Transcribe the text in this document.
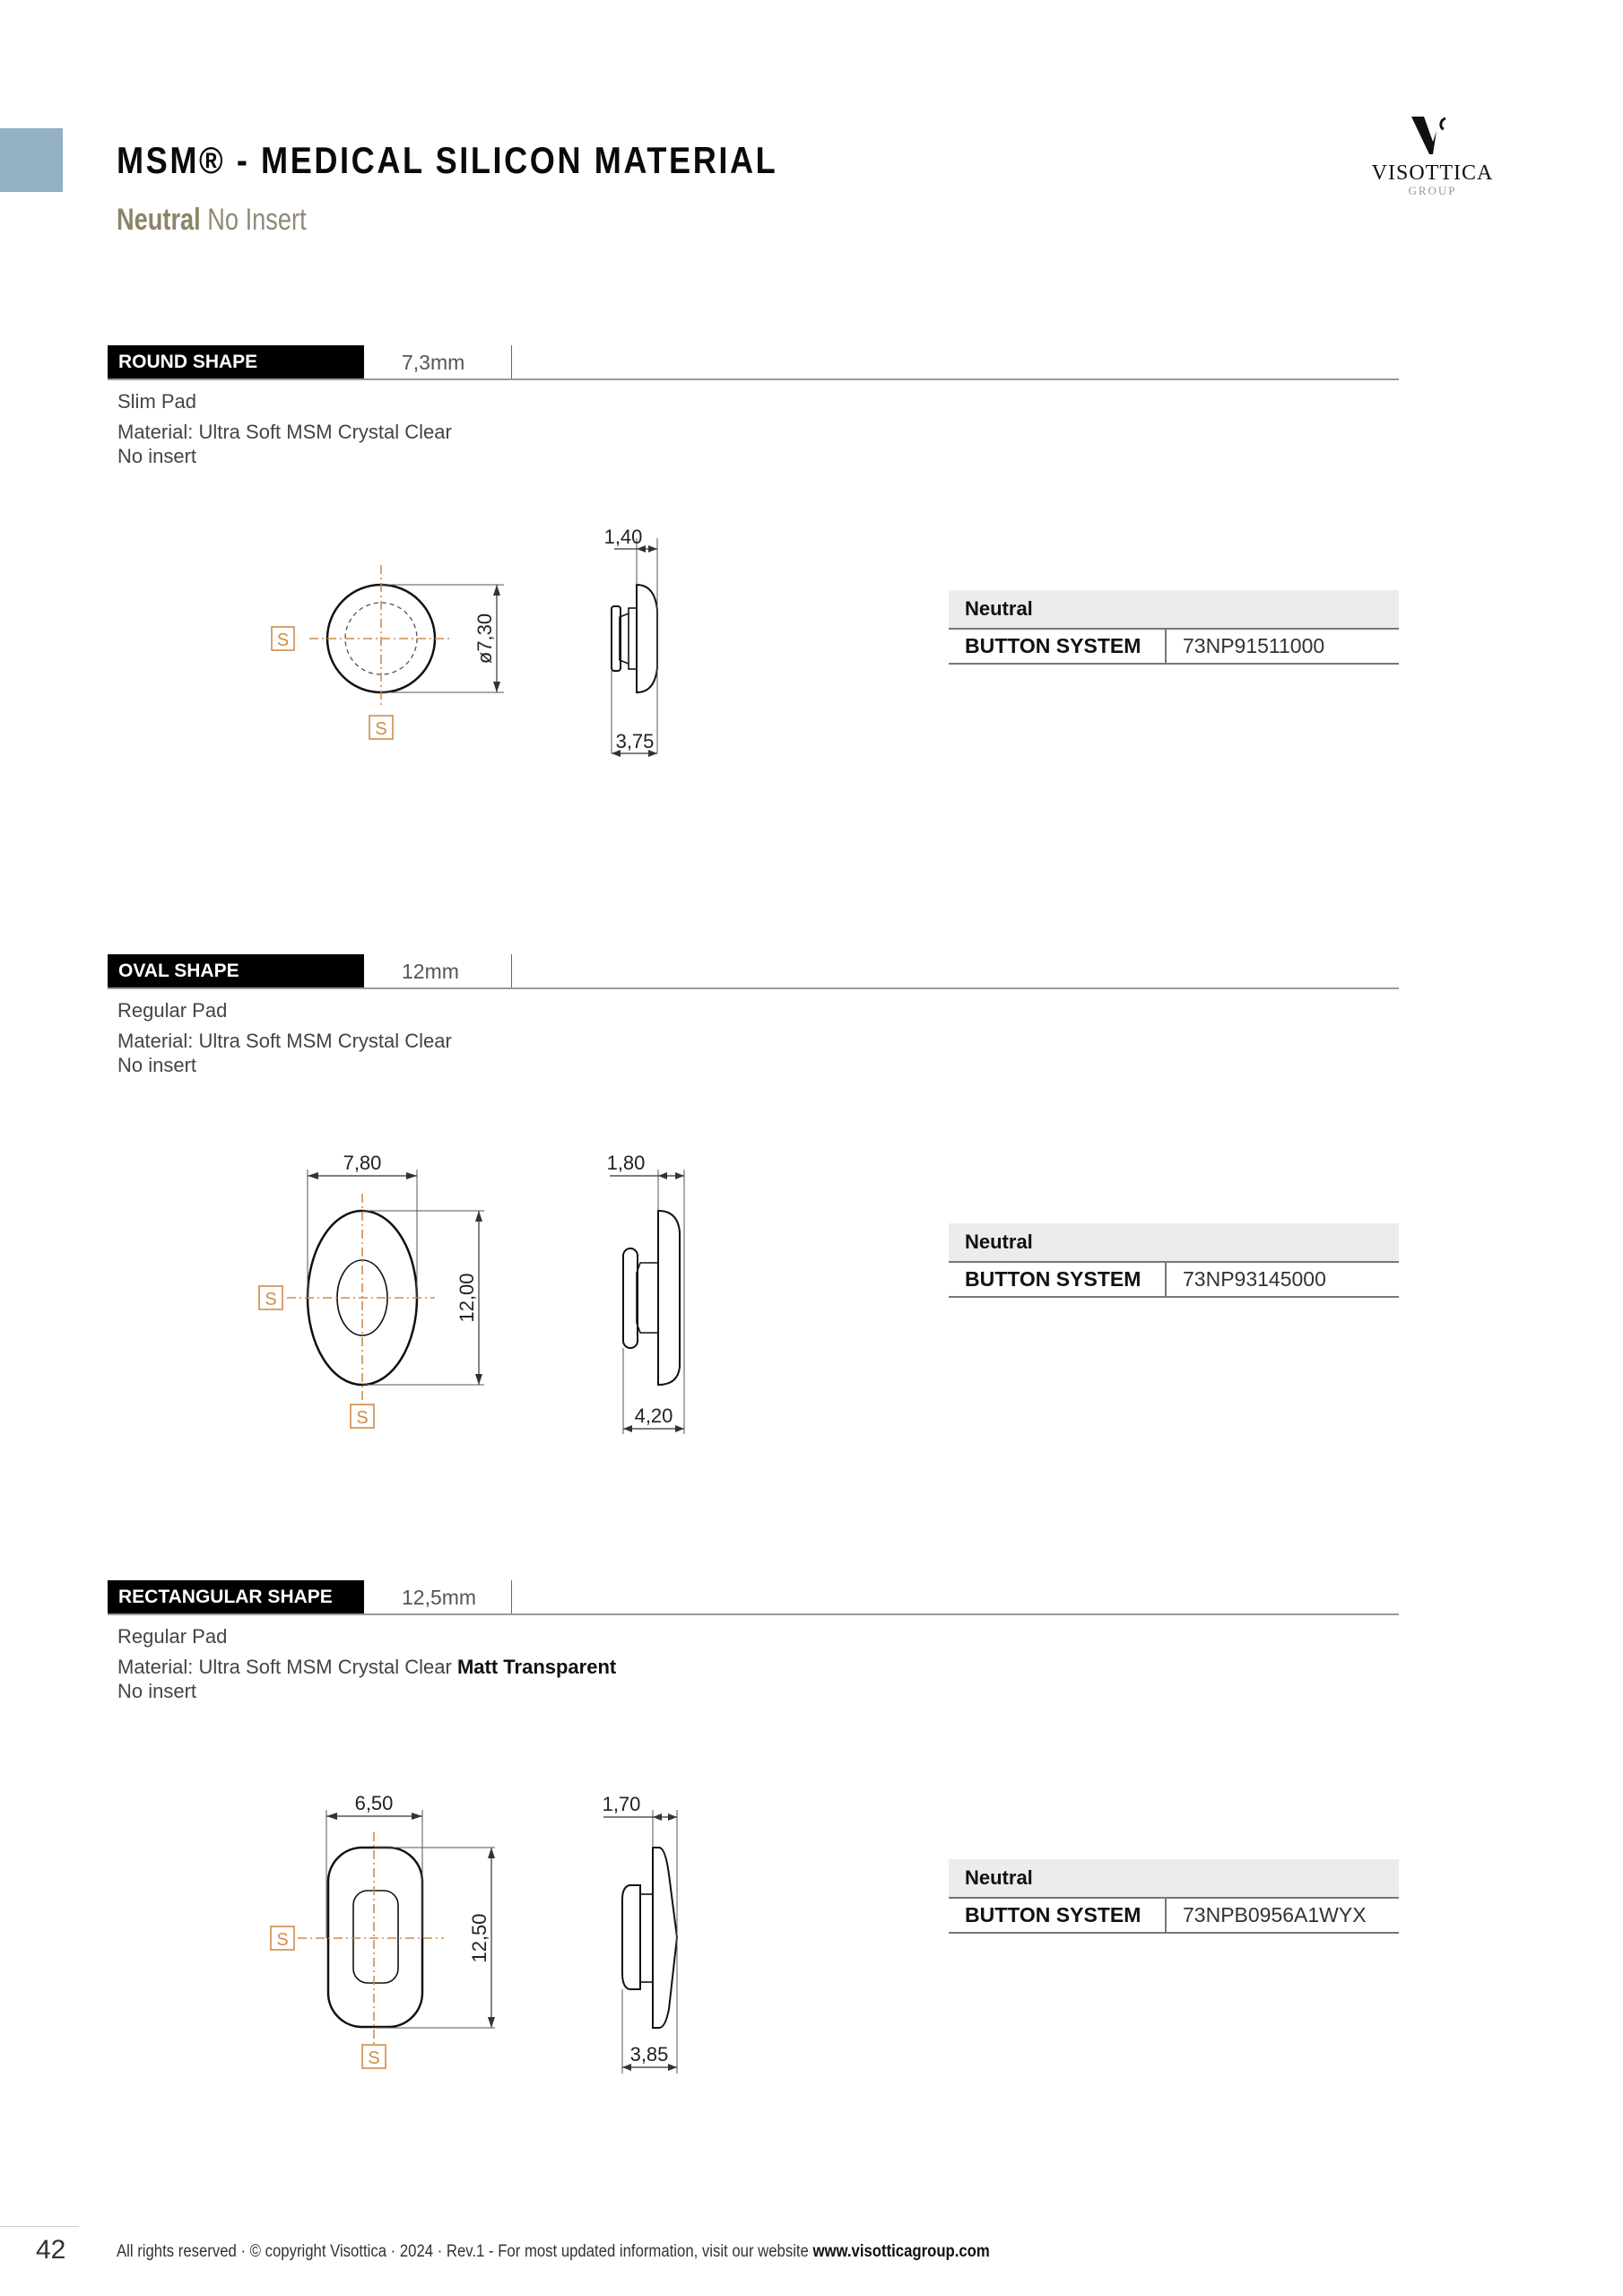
MSM® - MEDICAL SILICON MATERIAL
Neutral No Insert
VISOTTICA
GROUP
ROUND SHAPE	7,3mm
Slim Pad
Material: Ultra Soft MSM Crystal Clear
No insert
S
S
ø7,30
1,40
3,75
Neutral
BUTTON SYSTEM	73NP91511000
OVAL SHAPE	12mm
Regular Pad
Material: Ultra Soft MSM Crystal Clear
No insert
S
S
7,80
12,00
1,80
4,20
Neutral
BUTTON SYSTEM	73NP93145000
RECTANGULAR SHAPE	12,5mm
Regular Pad
Material: Ultra Soft MSM Crystal Clear Matt Transparent
No insert
S
S
6,50
12,50
1,70
3,85
Neutral
BUTTON SYSTEM	73NPB0956A1WYX
42	All rights reserved · © copyright Visottica · 2024 · Rev.1 - For most updated information, visit our website www.visotticagroup.com
